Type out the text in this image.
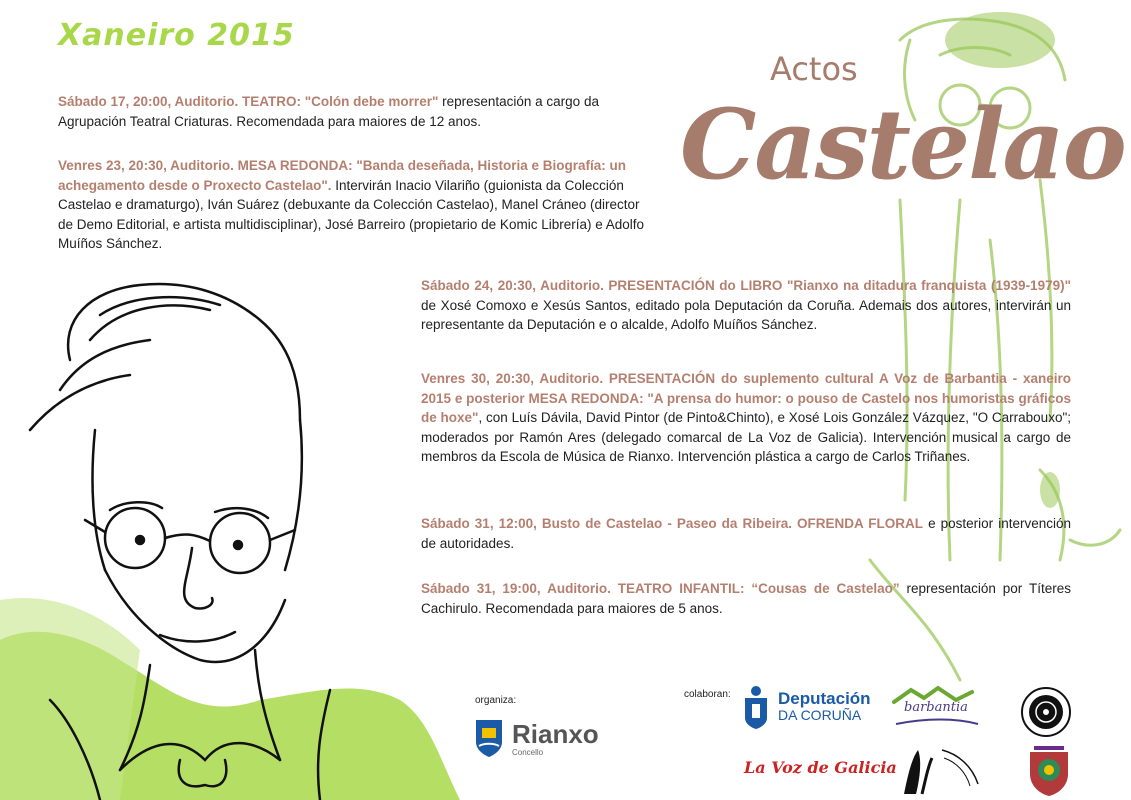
Xaneiro 2015
Actos
Castelao
Sábado 17, 20:00, Auditorio. TEATRO: "Colón debe morrer" representación a cargo da Agrupación Teatral Criaturas. Recomendada para maiores de 12 anos.
Venres 23, 20:30, Auditorio. MESA REDONDA: "Banda deseñada, Historia e Biografía: un achegamento desde o Proxecto Castelao". Intervirán Inacio Vilariño (guionista da Colección Castelao e dramaturgo), Iván Suárez (debuxante da Colección Castelao), Manel Cráneo (director de Demo Editorial, e artista multidisciplinar), José Barreiro (propietario de Komic Librería) e Adolfo Muíños Sánchez.
Sábado 24, 20:30, Auditorio. PRESENTACIÓN do LIBRO "Rianxo na ditadura franquista (1939-1979)" de Xosé Comoxo e Xesús Santos, editado pola Deputación da Coruña. Ademais dos autores, intervirán un representante da Deputación e o alcalde, Adolfo Muíños Sánchez.
Venres 30, 20:30, Auditorio. PRESENTACIÓN do suplemento cultural A Voz de Barbantia - xaneiro 2015 e posterior MESA REDONDA: "A prensa do humor: o pouso de Castelo nos humoristas gráficos de hoxe", con Luís Dávila, David Pintor (de Pinto&Chinto), e Xosé Lois González Vázquez, "O Carrabouxo"; moderados por Ramón Ares (delegado comarcal de La Voz de Galicia). Intervención musical a cargo de membros da Escola de Música de Rianxo. Intervención plástica a cargo de Carlos Triñanes.
Sábado 31, 12:00, Busto de Castelao - Paseo da Ribeira. OFRENDA FLORAL e posterior intervención de autoridades.
Sábado 31, 19:00, Auditorio. TEATRO INFANTIL: “Cousas de Castelao” representación por Títeres Cachirulo. Recomendada para maiores de 5 anos.
organiza:
Rianxo
Concello
colaboran:	Deputación
DA CORUÑA	barbantia
La Voz de Galicia
